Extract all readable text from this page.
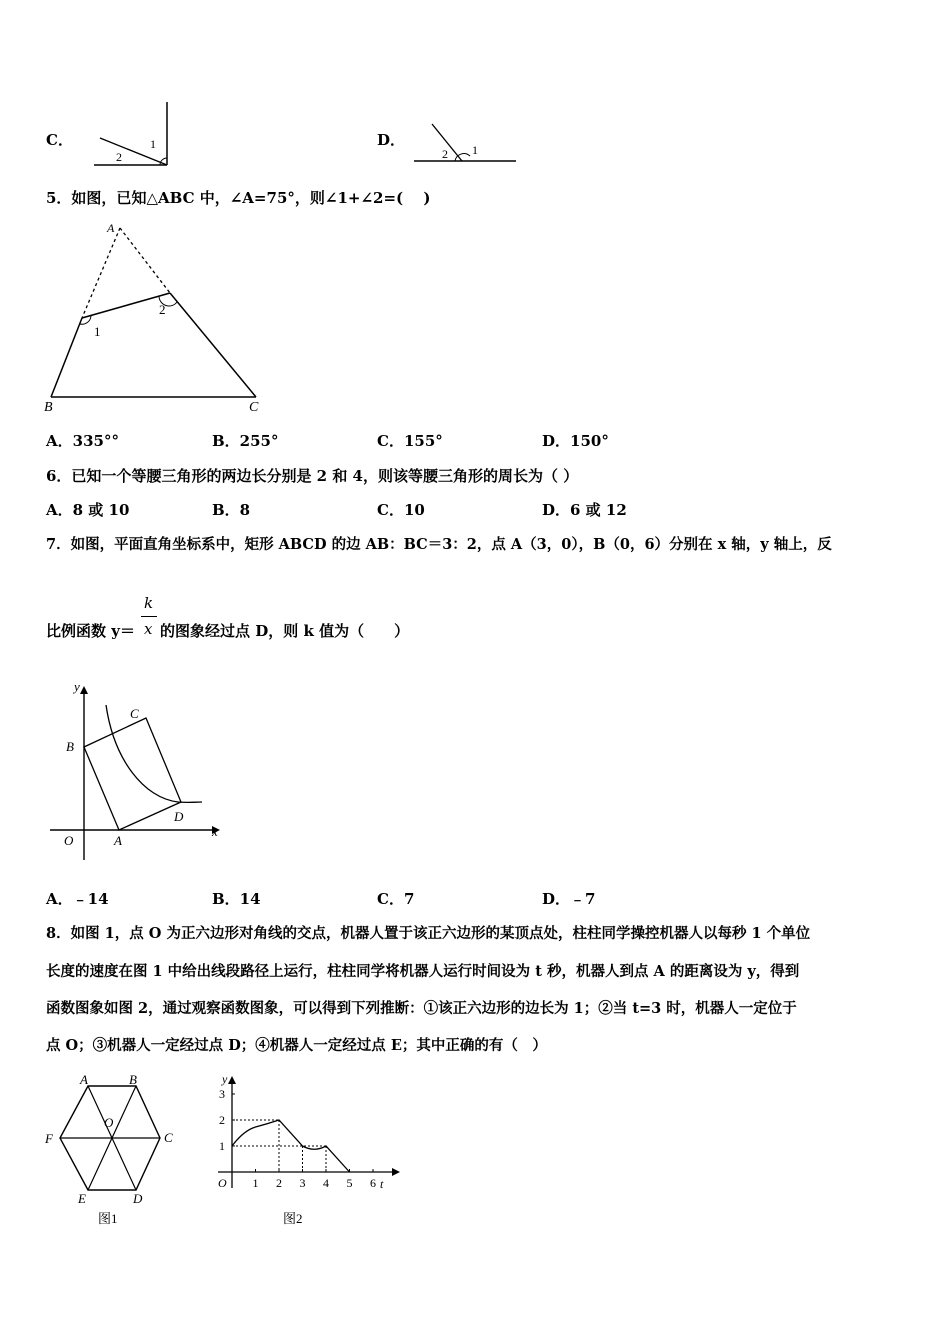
C．	1
2
D．
2 1
5．如图，已知△ABC 中，∠A=75°，则∠1+∠2=(　 )
A
B	C
1
2
A．335°°	B．255°	C．155°	D．150°
6．已知一个等腰三角形的两边长分别是 2 和 4，则该等腰三角形的周长为（ ）
A．8 或 10	B．8	C．10	D．6 或 12
7．如图，平面直角坐标系中，矩形 ABCD 的边 AB：BC＝3：2，点 A（3，0），B（0，6）分别在 x 轴，y 轴上，反
比例函数 y＝
k
x 的图象经过点 D，则 k 值为（　　）
y
x
O	A
B
C
D
A．﹣14	B．14	C．7	D．﹣7
8．如图 1，点 O 为正六边形对角线的交点，机器人置于该正六边形的某顶点处，柱柱同学操控机器人以每秒 1 个单位
长度的速度在图 1 中给出线段路径上运行，柱柱同学将机器人运行时间设为 t 秒，机器人到点 A 的距离设为 y，得到
函数图象如图 2，通过观察函数图象，可以得到下列推断：①该正六边形的边长为 1；②当 t=3 时，机器人一定位于
点 O；③机器人一定经过点 D；④机器人一定经过点 E；其中正确的有（　）
A	B
C
D
E
F
O
图1
y
t
O 1 2 3 4 5 6
1
2
3
图2
